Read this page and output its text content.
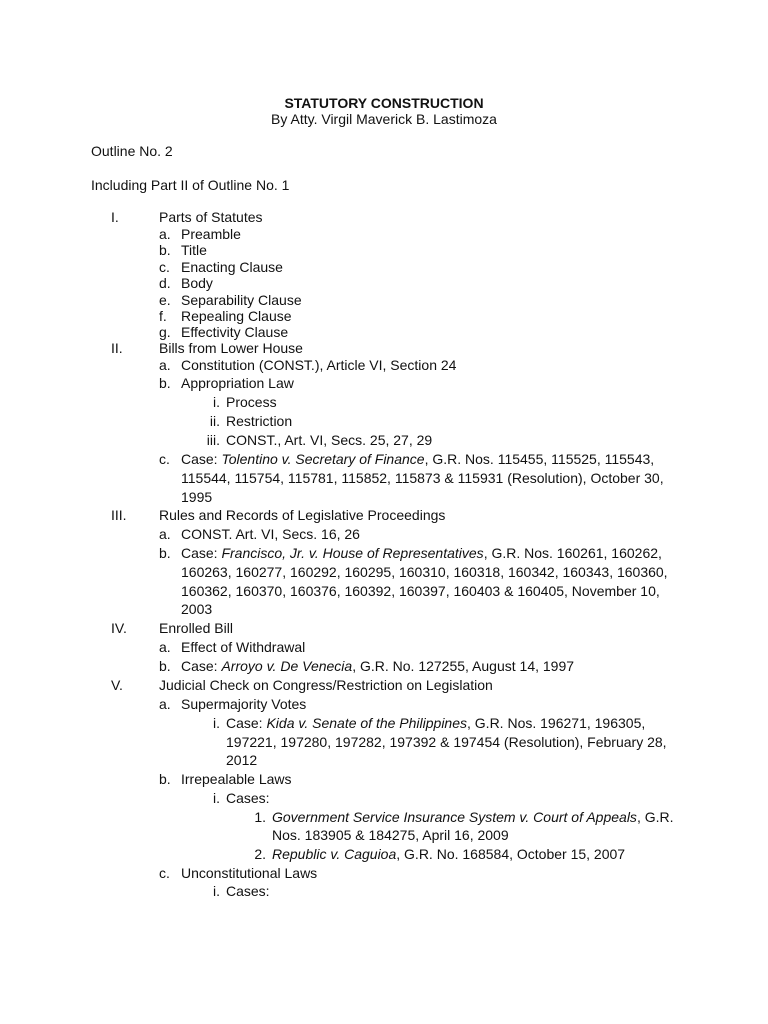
STATUTORY CONSTRUCTION
By Atty. Virgil Maverick B. Lastimoza
Outline No. 2
Including Part II of Outline No. 1
I.	Parts of Statutes
a. Preamble
b. Title
c. Enacting Clause
d. Body
e. Separability Clause
f. Repealing Clause
g. Effectivity Clause
II.	Bills from Lower House
a. Constitution (CONST.), Article VI, Section 24
b. Appropriation Law
i. Process
ii. Restriction
iii. CONST., Art. VI, Secs. 25, 27, 29
c. Case: Tolentino v. Secretary of Finance, G.R. Nos. 115455, 115525, 115543,
115544, 115754, 115781, 115852, 115873 & 115931 (Resolution), October 30,
1995
III. Rules and Records of Legislative Proceedings
a. CONST. Art. VI, Secs. 16, 26
b. Case: Francisco, Jr. v. House of Representatives, G.R. Nos. 160261, 160262,
160263, 160277, 160292, 160295, 160310, 160318, 160342, 160343, 160360,
160362, 160370, 160376, 160392, 160397, 160403 & 160405, November 10,
2003
IV. Enrolled Bill
a. Effect of Withdrawal
b. Case: Arroyo v. De Venecia, G.R. No. 127255, August 14, 1997
V.	Judicial Check on Congress/Restriction on Legislation
a. Supermajority Votes
i. Case: Kida v. Senate of the Philippines, G.R. Nos. 196271, 196305,
197221, 197280, 197282, 197392 & 197454 (Resolution), February 28,
2012
b. Irrepealable Laws
i. Cases:
1. Government Service Insurance System v. Court of Appeals, G.R.
Nos. 183905 & 184275, April 16, 2009
2. Republic v. Caguioa, G.R. No. 168584, October 15, 2007
c. Unconstitutional Laws
i. Cases:
